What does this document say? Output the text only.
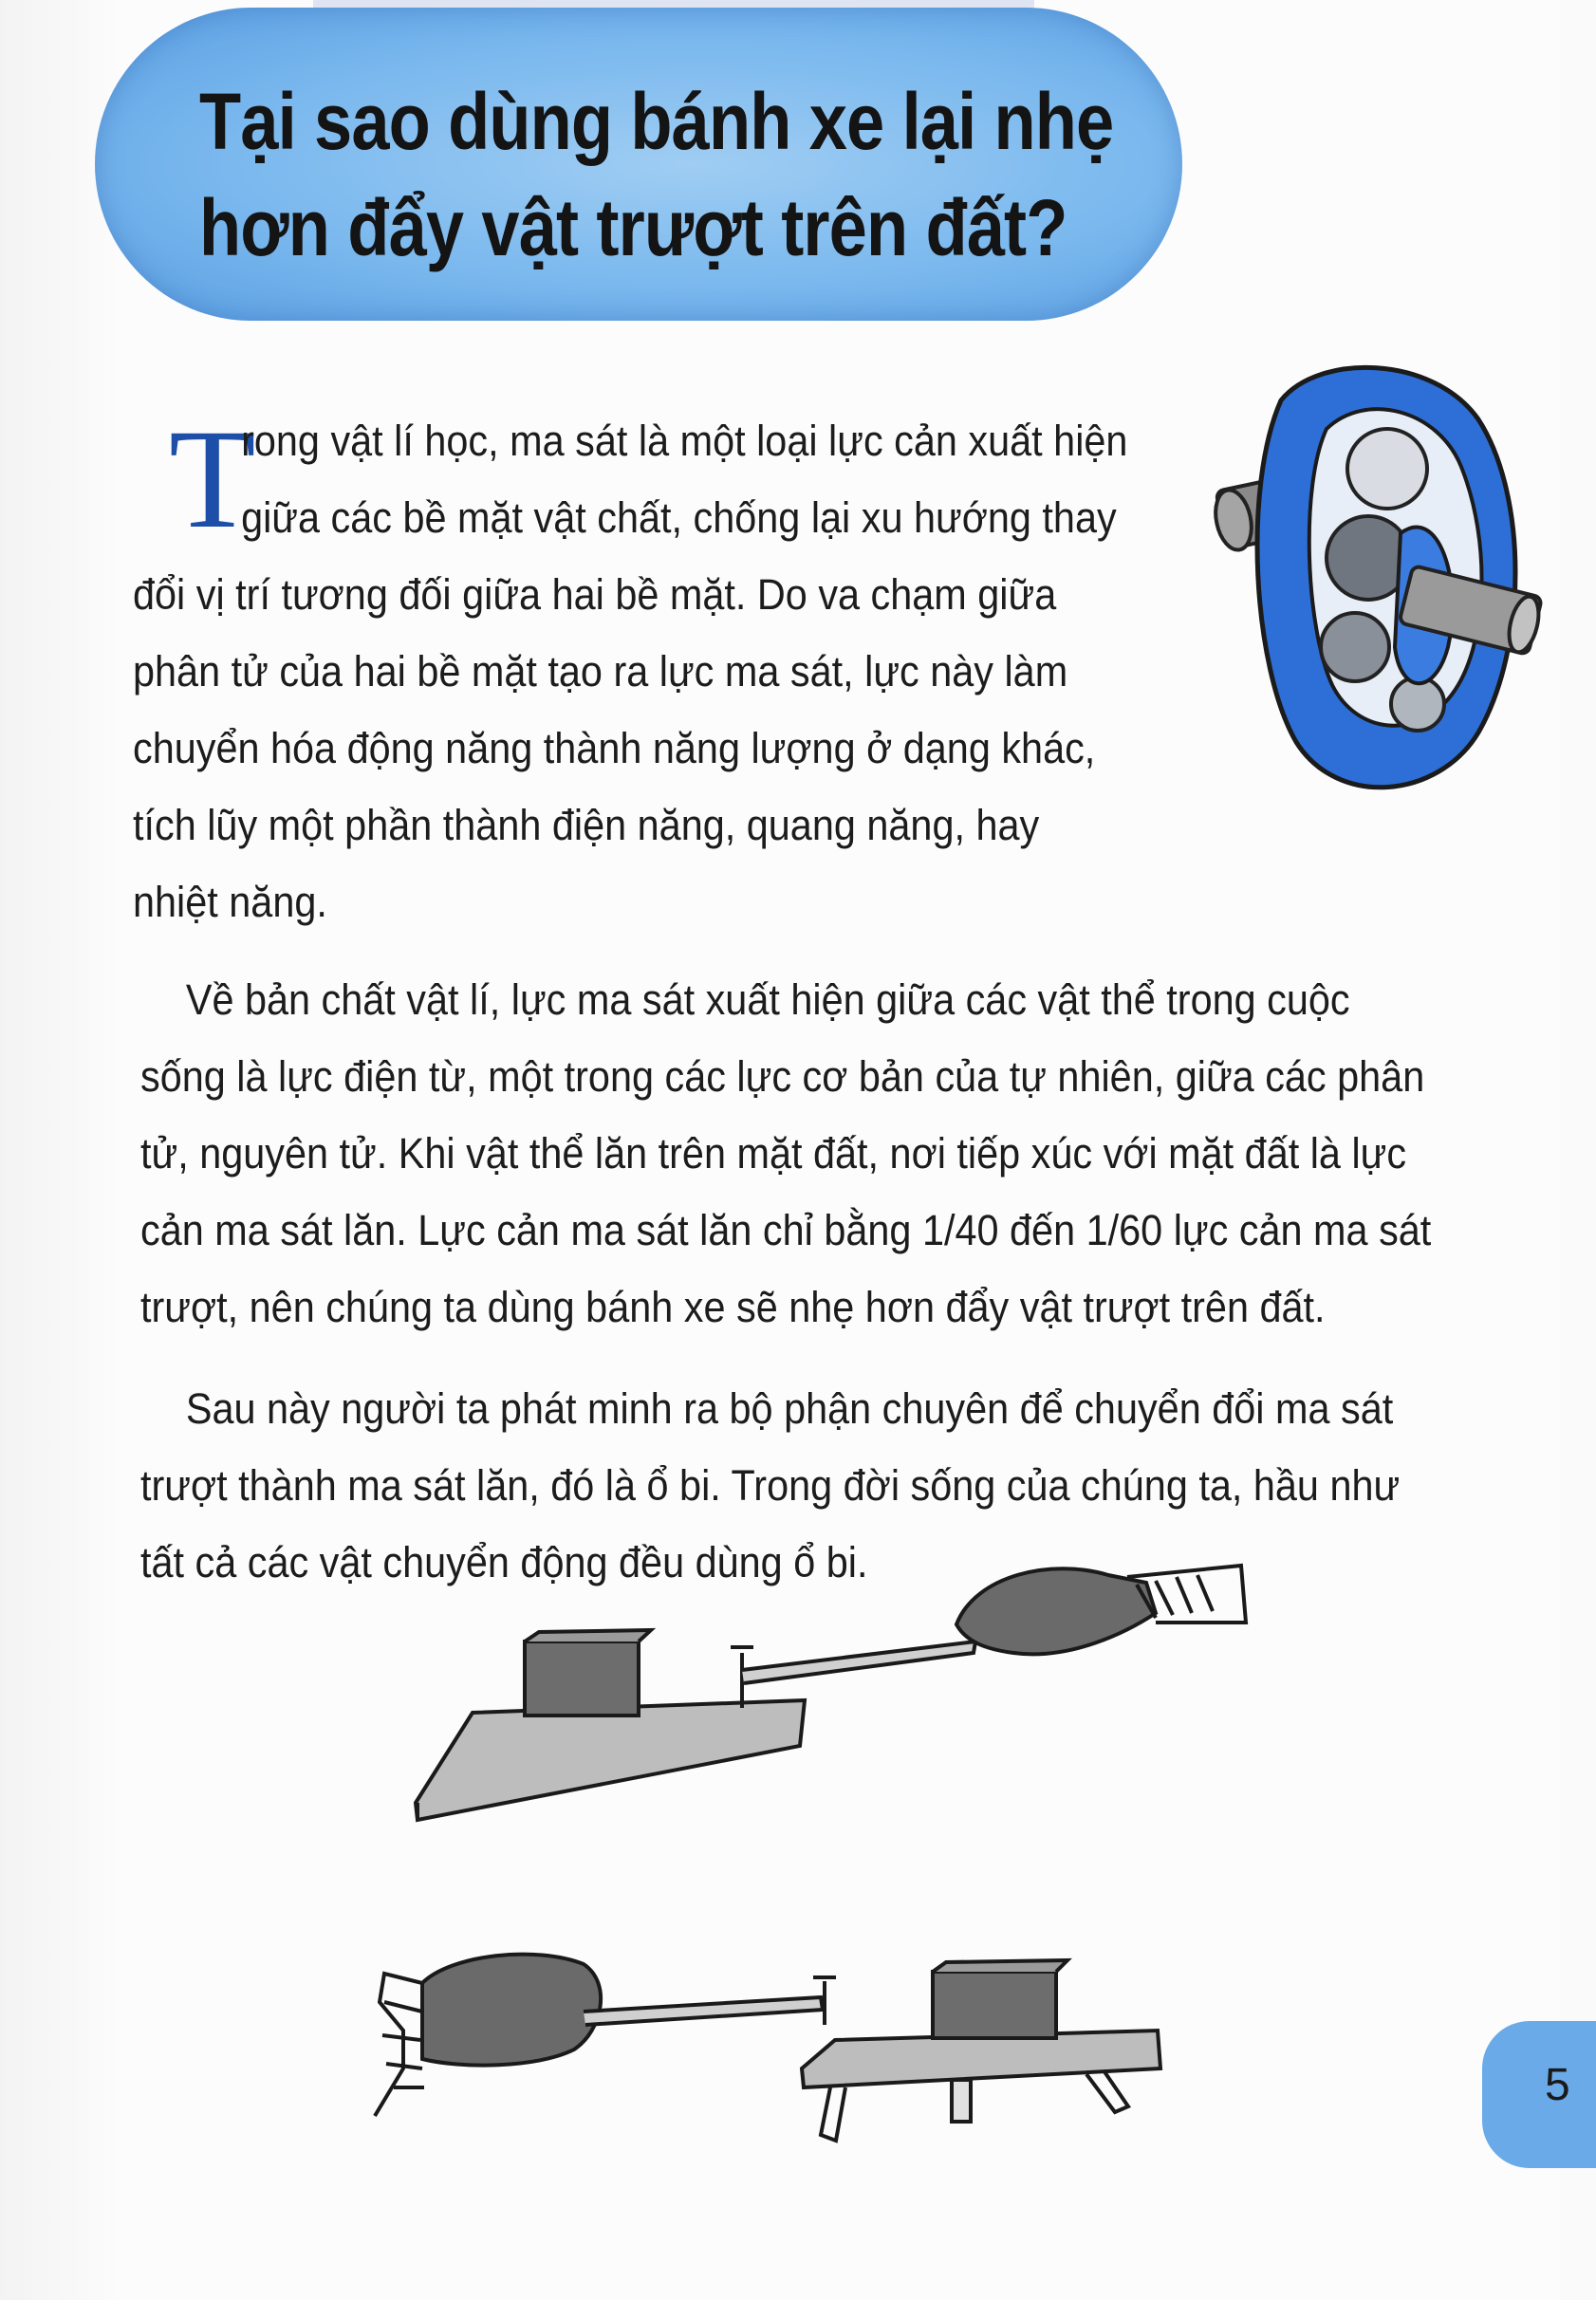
Tại sao dùng bánh xe lại nhẹ
hơn đẩy vật trượt trên đất?
T
rong vật lí học, ma sát là một loại lực cản xuất hiện
giữa các bề mặt vật chất, chống lại xu hướng thay
đổi vị trí tương đối giữa hai bề mặt. Do va chạm giữa
phân tử của hai bề mặt tạo ra lực ma sát, lực này làm
chuyển hóa động năng thành năng lượng ở dạng khác,
tích lũy một phần thành điện năng, quang năng, hay
nhiệt năng.
Về bản chất vật lí, lực ma sát xuất hiện giữa các vật thể trong cuộc
sống là lực điện từ, một trong các lực cơ bản của tự nhiên, giữa các phân
tử, nguyên tử. Khi vật thể lăn trên mặt đất, nơi tiếp xúc với mặt đất là lực
cản ma sát lăn. Lực cản ma sát lăn chỉ bằng 1/40 đến 1/60 lực cản ma sát
trượt, nên chúng ta dùng bánh xe sẽ nhẹ hơn đẩy vật trượt trên đất.
Sau này người ta phát minh ra bộ phận chuyên để chuyển đổi ma sát
trượt thành ma sát lăn, đó là ổ bi. Trong đời sống của chúng ta, hầu như
tất cả các vật chuyển động đều dùng ổ bi.
5
